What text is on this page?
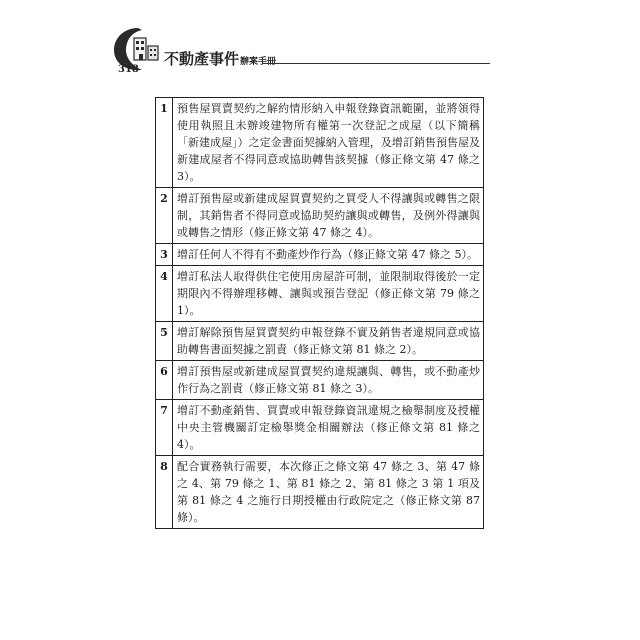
不動產事件辦案手冊
318
1	預售屋買賣契約之解約情形納入申報登錄資訊範圍，並將領得使用執照且未辦竣建物所有權第一次登記之成屋（以下簡稱「新建成屋」）之定金書面契據納入管理，及增訂銷售預售屋及新建成屋者不得同意或協助轉售該契據（修正條文第 47 條之 3）。
2	增訂預售屋或新建成屋買賣契約之買受人不得讓與或轉售之限制，其銷售者不得同意或協助契約讓與或轉售，及例外得讓與或轉售之情形（修正條文第 47 條之 4）。
3	增訂任何人不得有不動產炒作行為（修正條文第 47 條之 5）。
4	增訂私法人取得供住宅使用房屋許可制，並限制取得後於一定期限內不得辦理移轉、讓與或預告登記（修正條文第 79 條之 1）。
5	增訂解除預售屋買賣契約申報登錄不實及銷售者違規同意或協助轉售書面契據之罰責（修正條文第 81 條之 2）。
6	增訂預售屋或新建成屋買賣契約違規讓與、轉售，或不動產炒作行為之罰責（修正條文第 81 條之 3）。
7	增訂不動產銷售、買賣或申報登錄資訊違規之檢舉制度及授權中央主管機關訂定檢舉獎金相關辦法（修正條文第 81 條之 4）。
8	配合實務執行需要，本次修正之條文第 47 條之 3、第 47 條之 4、第 79 條之 1、第 81 條之 2、第 81 條之 3 第 1 項及第 81 條之 4 之施行日期授權由行政院定之（修正條文第 87 條）。
